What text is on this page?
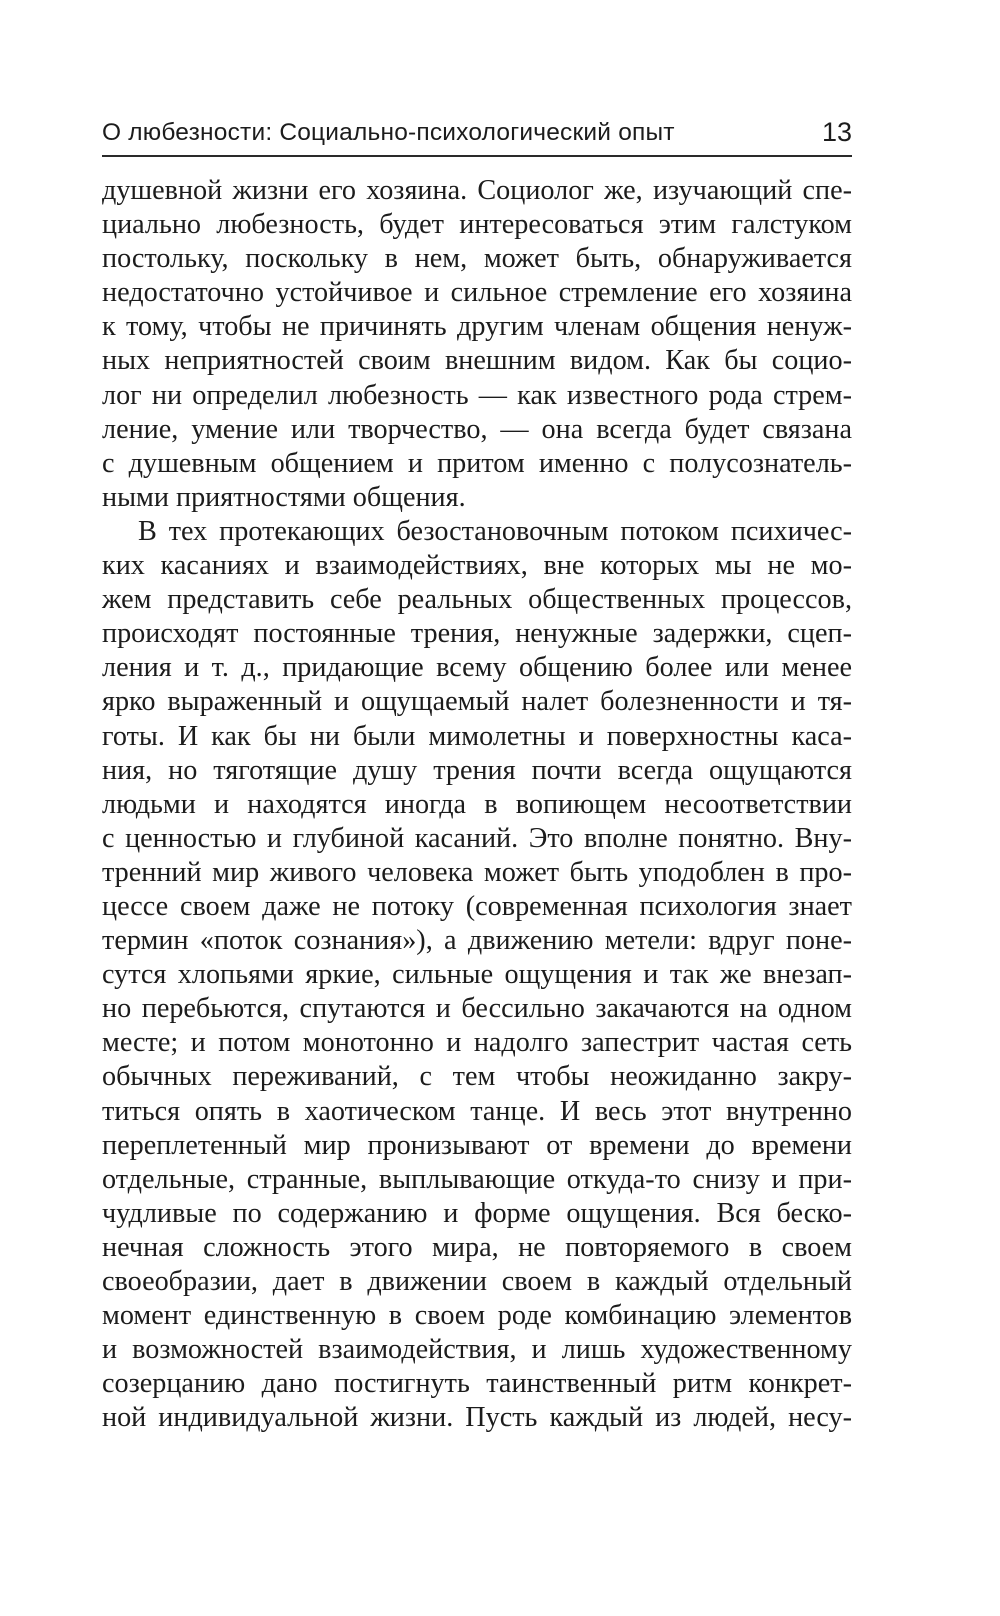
О любезности: Социально-психологический опыт	13
душевной жизни его хозяина. Социолог же, изучающий спе-
циально любезность, будет интересоваться этим галстуком
постольку, поскольку в нем, может быть, обнаруживается
недостаточно устойчивое и сильное стремление его хозяина
к тому, чтобы не причинять другим членам общения ненуж-
ных неприятностей своим внешним видом. Как бы социо-
лог ни определил любезность — как известного рода стрем-
ление, умение или творчество, — она всегда будет связана
с душевным общением и притом именно с полусознатель-
ными приятностями общения.
В тех протекающих безостановочным потоком психичес-
ких касаниях и взаимодействиях, вне которых мы не мо-
жем представить себе реальных общественных процессов,
происходят постоянные трения, ненужные задержки, сцеп-
ления и т. д., придающие всему общению более или менее
ярко выраженный и ощущаемый налет болезненности и тя-
готы. И как бы ни были мимолетны и поверхностны каса-
ния, но тяготящие душу трения почти всегда ощущаются
людьми и находятся иногда в вопиющем несоответствии
с ценностью и глубиной касаний. Это вполне понятно. Вну-
тренний мир живого человека может быть уподоблен в про-
цессе своем даже не потоку (современная психология знает
термин «поток сознания»), а движению метели: вдруг поне-
сутся хлопьями яркие, сильные ощущения и так же внезап-
но перебьются, спутаются и бессильно закачаются на одном
месте; и потом монотонно и надолго запестрит частая сеть
обычных переживаний, с тем чтобы неожиданно закру-
титься опять в хаотическом танце. И весь этот внутренно
переплетенный мир пронизывают от времени до времени
отдельные, странные, выплывающие откуда-то снизу и при-
чудливые по содержанию и форме ощущения. Вся беско-
нечная сложность этого мира, не повторяемого в своем
своеобразии, дает в движении своем в каждый отдельный
момент единственную в своем роде комбинацию элементов
и возможностей взаимодействия, и лишь художественному
созерцанию дано постигнуть таинственный ритм конкрет-
ной индивидуальной жизни. Пусть каждый из людей, несу-
